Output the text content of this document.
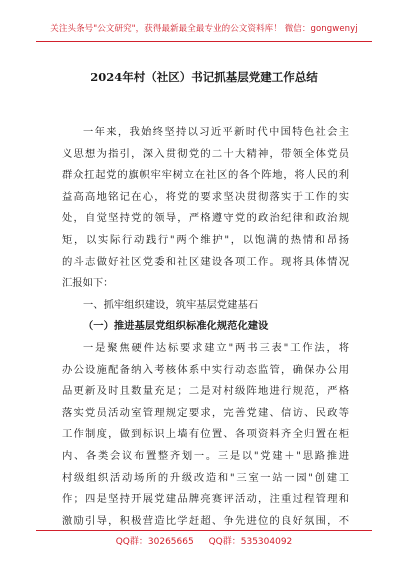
关注头条号"公文研究"，获得最新最全最专业的公文资料库！ 微信：gongwenyj
2024年村（社区）书记抓基层党建工作总结
一年来，我始终坚持以习近平新时代中国特色社会主
义思想为指引，深入贯彻党的二十大精神，带领全体党员
群众扛起党的旗帜牢牢树立在社区的各个阵地，将人民的利
益高高地铭记在心，将党的要求坚决贯彻落实于工作的实
处，自觉坚持党的领导，严格遵守党的政治纪律和政治规
矩，以实际行动践行"两个维护"，以饱满的热情和昂扬
的斗志做好社区党委和社区建设各项工作。现将具体情况
汇报如下：
一、抓牢组织建设，筑牢基层党建基石
（一）推进基层党组织标准化规范化建设
一是聚焦硬件达标要求建立"两书三表"工作法，将
办公设施配备纳入考核体系中实行动态监管，确保办公用
品更新及时且数量充足；二是对村级阵地进行规范，严格
落实党员活动室管理规定要求，完善党建、信访、民政等
工作制度，做到标识上墙有位置、各项资料齐全归置在柜
内、各类会议布置整齐划一。三是以"党建＋"思路推进
村级组织活动场所的升级改造和"三室一站一园"创建工
作；四是坚持开展党建品牌亮赛评活动，注重过程管理和
激励引导，积极营造比学赶超、争先进位的良好氛围，不
QQ群：30265665 QQ群：535304092
